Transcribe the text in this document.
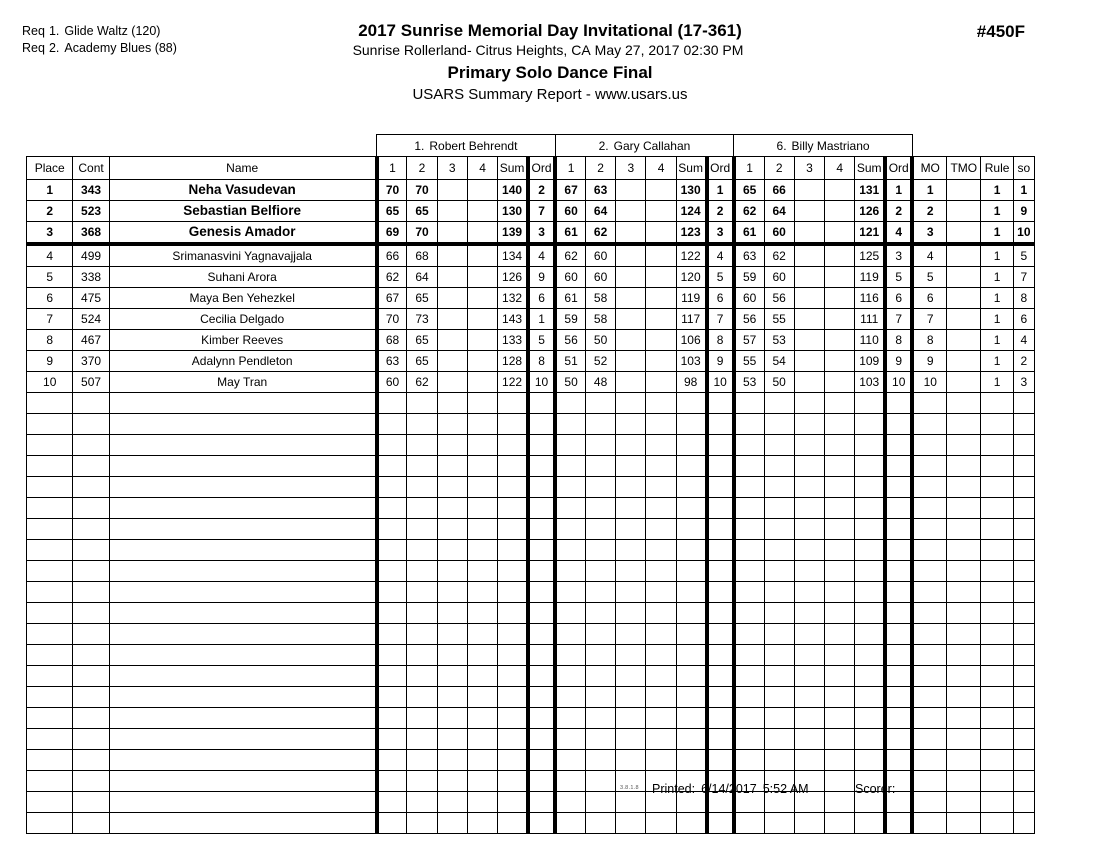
Req 1. Glide Waltz (120)
Req 2. Academy Blues (88)
2017 Sunrise Memorial Day Invitational (17-361)
Sunrise Rollerland- Citrus Heights, CA May 27, 2017 02:30 PM
Primary Solo Dance Final
USARS Summary Report - www.usars.us
#450F
			1. Robert Behrendt						2. Gary Callahan						6. Billy Mastriano									
Place	Cont	Name	1	2	3	4	Sum	Ord	1	2	3	4	Sum	Ord	1	2	3	4	Sum	Ord	MO	TMO	Rule	so
1	343	Neha Vasudevan	70	70			140	2	67	63			130	1	65	66			131	1	1		1	1
2	523	Sebastian Belfiore	65	65			130	7	60	64			124	2	62	64			126	2	2		1	9
3	368	Genesis Amador	69	70			139	3	61	62			123	3	61	60			121	4	3		1	10
4	499	Srimanasvini Yagnavajjala	66	68			134	4	62	60			122	4	63	62			125	3	4		1	5
5	338	Suhani Arora	62	64			126	9	60	60			120	5	59	60			119	5	5		1	7
6	475	Maya Ben Yehezkel	67	65			132	6	61	58			119	6	60	56			116	6	6		1	8
7	524	Cecilia Delgado	70	73			143	1	59	58			117	7	56	55			111	7	7		1	6
8	467	Kimber Reeves	68	65			133	5	56	50			106	8	57	53			110	8	8		1	4
9	370	Adalynn Pendleton	63	65			128	8	51	52			103	9	55	54			109	9	9		1	2
10	507	May Tran	60	62			122	10	50	48			98	10	53	50			103	10	10		1	3

3.8.1.8 Printed: 6/14/2017 5:52 AM	Scorer:
